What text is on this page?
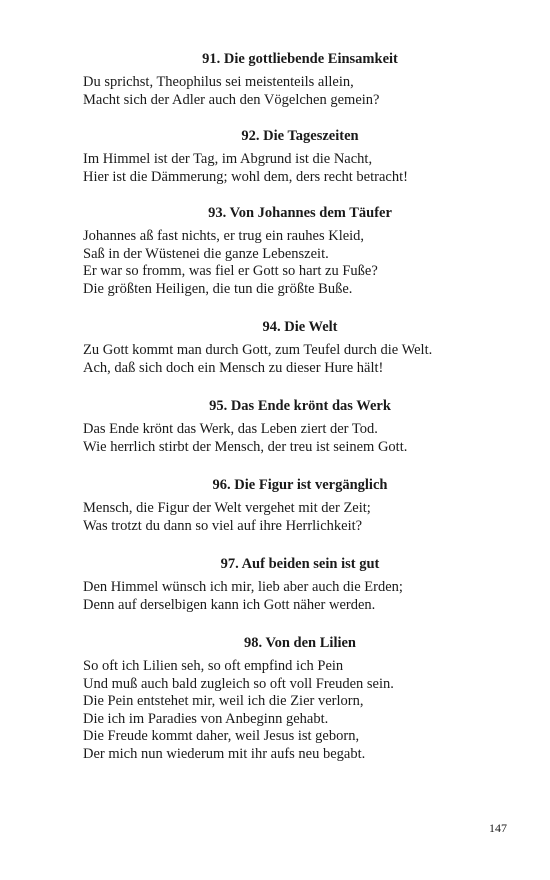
91. Die gottliebende Einsamkeit
Du sprichst, Theophilus sei meistenteils allein,
Macht sich der Adler auch den Vögelchen gemein?
92. Die Tageszeiten
Im Himmel ist der Tag, im Abgrund ist die Nacht,
Hier ist die Dämmerung; wohl dem, ders recht betracht!
93. Von Johannes dem Täufer
Johannes aß fast nichts, er trug ein rauhes Kleid,
Saß in der Wüstenei die ganze Lebenszeit.
Er war so fromm, was fiel er Gott so hart zu Fuße?
Die größten Heiligen, die tun die größte Buße.
94. Die Welt
Zu Gott kommt man durch Gott, zum Teufel durch die Welt.
Ach, daß sich doch ein Mensch zu dieser Hure hält!
95. Das Ende krönt das Werk
Das Ende krönt das Werk, das Leben ziert der Tod.
Wie herrlich stirbt der Mensch, der treu ist seinem Gott.
96. Die Figur ist vergänglich
Mensch, die Figur der Welt vergehet mit der Zeit;
Was trotzt du dann so viel auf ihre Herrlichkeit?
97. Auf beiden sein ist gut
Den Himmel wünsch ich mir, lieb aber auch die Erden;
Denn auf derselbigen kann ich Gott näher werden.
98. Von den Lilien
So oft ich Lilien seh, so oft empfind ich Pein
Und muß auch bald zugleich so oft voll Freuden sein.
Die Pein entstehet mir, weil ich die Zier verlorn,
Die ich im Paradies von Anbeginn gehabt.
Die Freude kommt daher, weil Jesus ist geborn,
Der mich nun wiederum mit ihr aufs neu begabt.
147
